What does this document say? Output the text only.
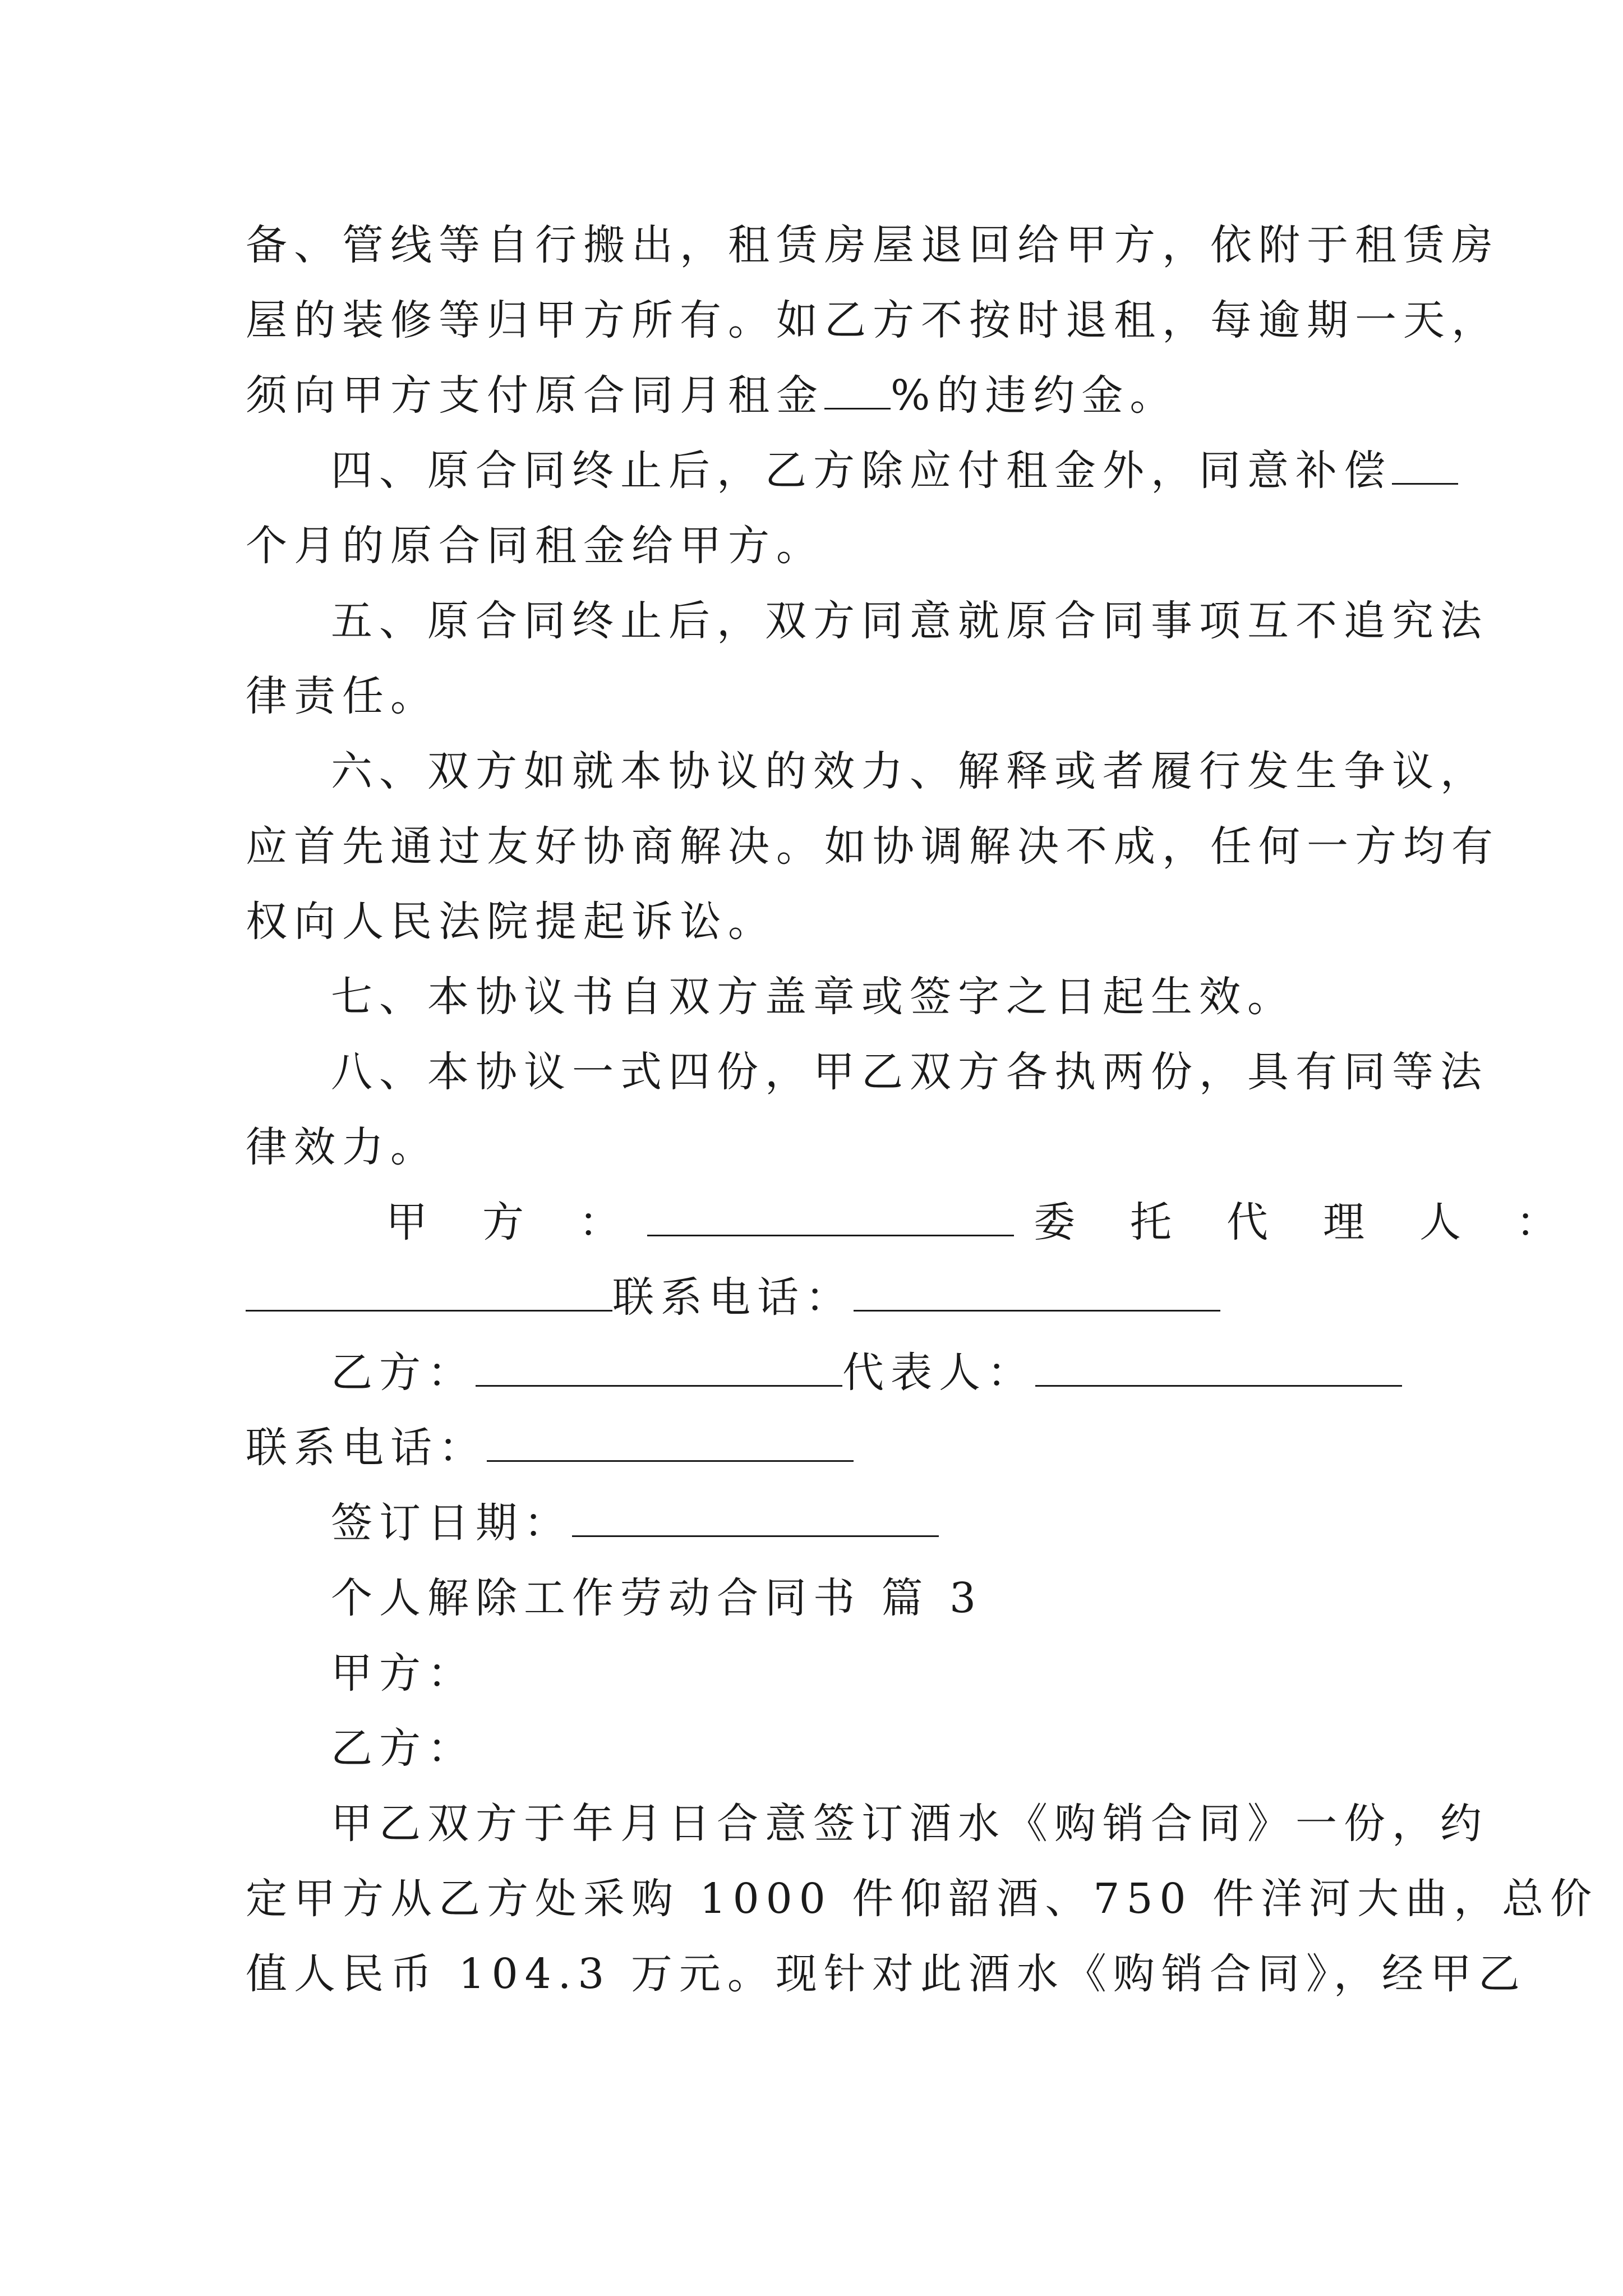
备、管线等自行搬出，租赁房屋退回给甲方，依附于租赁房
屋的装修等归甲方所有。如乙方不按时退租，每逾期一天，
须向甲方支付原合同月租金 %的违约金。
四、原合同终止后，乙方除应付租金外，同意补偿
个月的原合同租金给甲方。
五、原合同终止后，双方同意就原合同事项互不追究法
律责任。
六、双方如就本协议的效力、解释或者履行发生争议，
应首先通过友好协商解决。如协调解决不成，任何一方均有
权向人民法院提起诉讼。
七、本协议书自双方盖章或签字之日起生效。
八、本协议一式四份，甲乙双方各执两份，具有同等法
律效力。
甲　方　：	委　托　代　理　人　：
联系电话：
乙方：	代表人：
联系电话：
签订日期：
个人解除工作劳动合同书 篇 3
甲方：
乙方：
甲乙双方于年月日合意签订酒水《购销合同》一份，约
定甲方从乙方处采购 1000 件仰韶酒、750 件洋河大曲，总价
值人民币 104.3 万元。现针对此酒水《购销合同》，经甲乙
